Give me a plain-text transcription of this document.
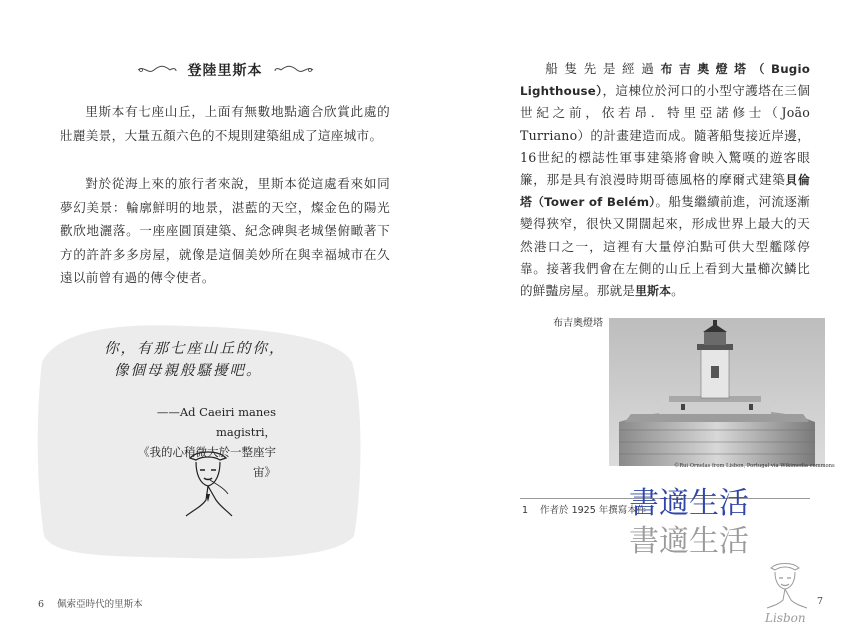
登陸里斯本

里斯本有七座山丘，上面有無數地點適合欣賞此處的壯麗美景，大量五顏六色的不規則建築組成了這座城市。

對於從海上來的旅行者來說，里斯本從這處看來如同夢幻美景：輪廓鮮明的地景，湛藍的天空，燦金色的陽光歡欣地灑落。一座座圓頂建築、紀念碑與老城堡俯瞰著下方的許許多多房屋，就像是這個美妙所在與幸福城市在久遠以前曾有過的傳令使者。

你，有那七座山丘的你，
像個母親般騷擾吧。
——Ad Caeiri manes magistri，
《我的心稍微大於一整座宇宙》
6 佩索亞時代的里斯本

船隻先是經過布吉奧燈塔（Bugio Lighthouse），這棟位於河口的小型守護塔在三個世紀之前，依若昂．特里亞諾修士（João Turriano）的計畫建造而成。隨著船隻接近岸邊，16世紀的標誌性軍事建築將會映入驚嘆的遊客眼簾，那是具有浪漫時期哥德風格的摩爾式建築貝倫塔（Tower of Belém）。船隻繼續前進，河流逐漸變得狹窄，很快又開闊起來，形成世界上最大的天然港口之一，這裡有大量停泊點可供大型艦隊停靠。接著我們會在左側的山丘上看到大量櫛次鱗比的鮮豔房屋。那就是里斯本。

布吉奧燈塔
©Rui Ornelas from Lisbon, Portugal via Wikimedia commons
1 作者於 1925 年撰寫本作
書適生活
書適生活
Lisbon
7
